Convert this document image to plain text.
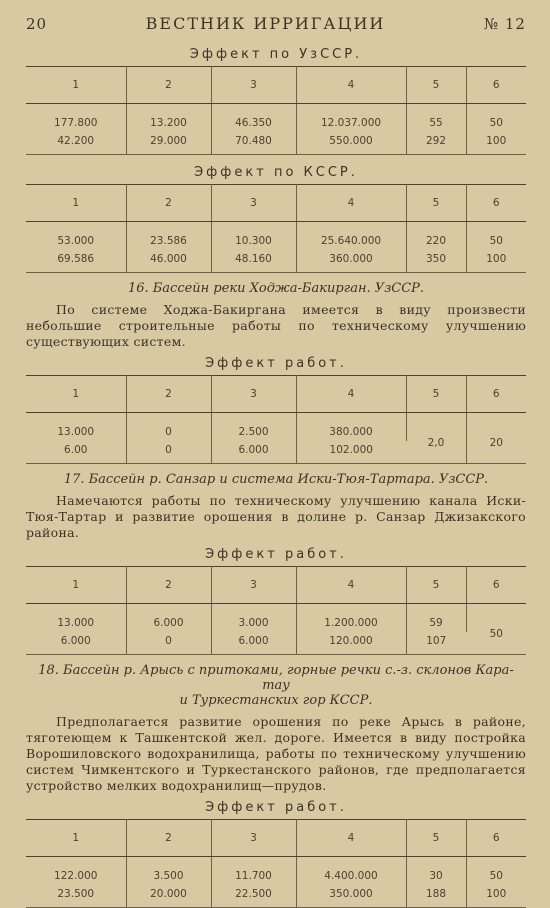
20	ВЕСТНИК ИРРИГАЦИИ	№ 12
Эффект по УзССР.
1	2	3	4	5	6
177.800	13.200	46.350	12.037.000	55	50
42.200	29.000	70.480	550.000	292	100
Эффект по КССР.
1	2	3	4	5	6
53.000	23.586	10.300	25.640.000	220	50
69.586	46.000	48.160	360.000	350	100
16. Бассейн реки Ходжа-Бакирган. УзССР.

По системе Ходжа-Бакиргана имеется в виду произвести небольшие строительные работы по техническому улучшению существующих систем.

Эффект работ.
1	2	3	4	5	6
13.000	0	2.500	380.000	2,0	20
6.00	0	6.000	102.000		
17. Бассейн р. Санзар и система Иски-Тюя-Тартара. УзССР.

Намечаются работы по техническому улучшению канала Иски-Тюя-Тартар и развитие орошения в долине р. Санзар Джизакского района.

Эффект работ.
1	2	3	4	5	6
13.000	6.000	3.000	1.200.000	59	50
6.000	0	6.000	120.000	107	
18. Бассейн р. Арысь с притоками, горные речки с.-з. склонов Кара-тау
и Туркестанских гор КССР.

Предполагается развитие орошения по реке Арысь в районе, тяготеющем к Ташкентской жел. дороге. Имеется в виду постройка Ворошиловского водохранилища, работы по техническому улучшению систем Чимкентского и Туркестанского районов, где предполагается устройство мелких водохранилищ—прудов.

Эффект работ.
1	2	3	4	5	6
122.000	3.500	11.700	4.400.000	30	50
23.500	20.000	22.500	350.000	188	100
